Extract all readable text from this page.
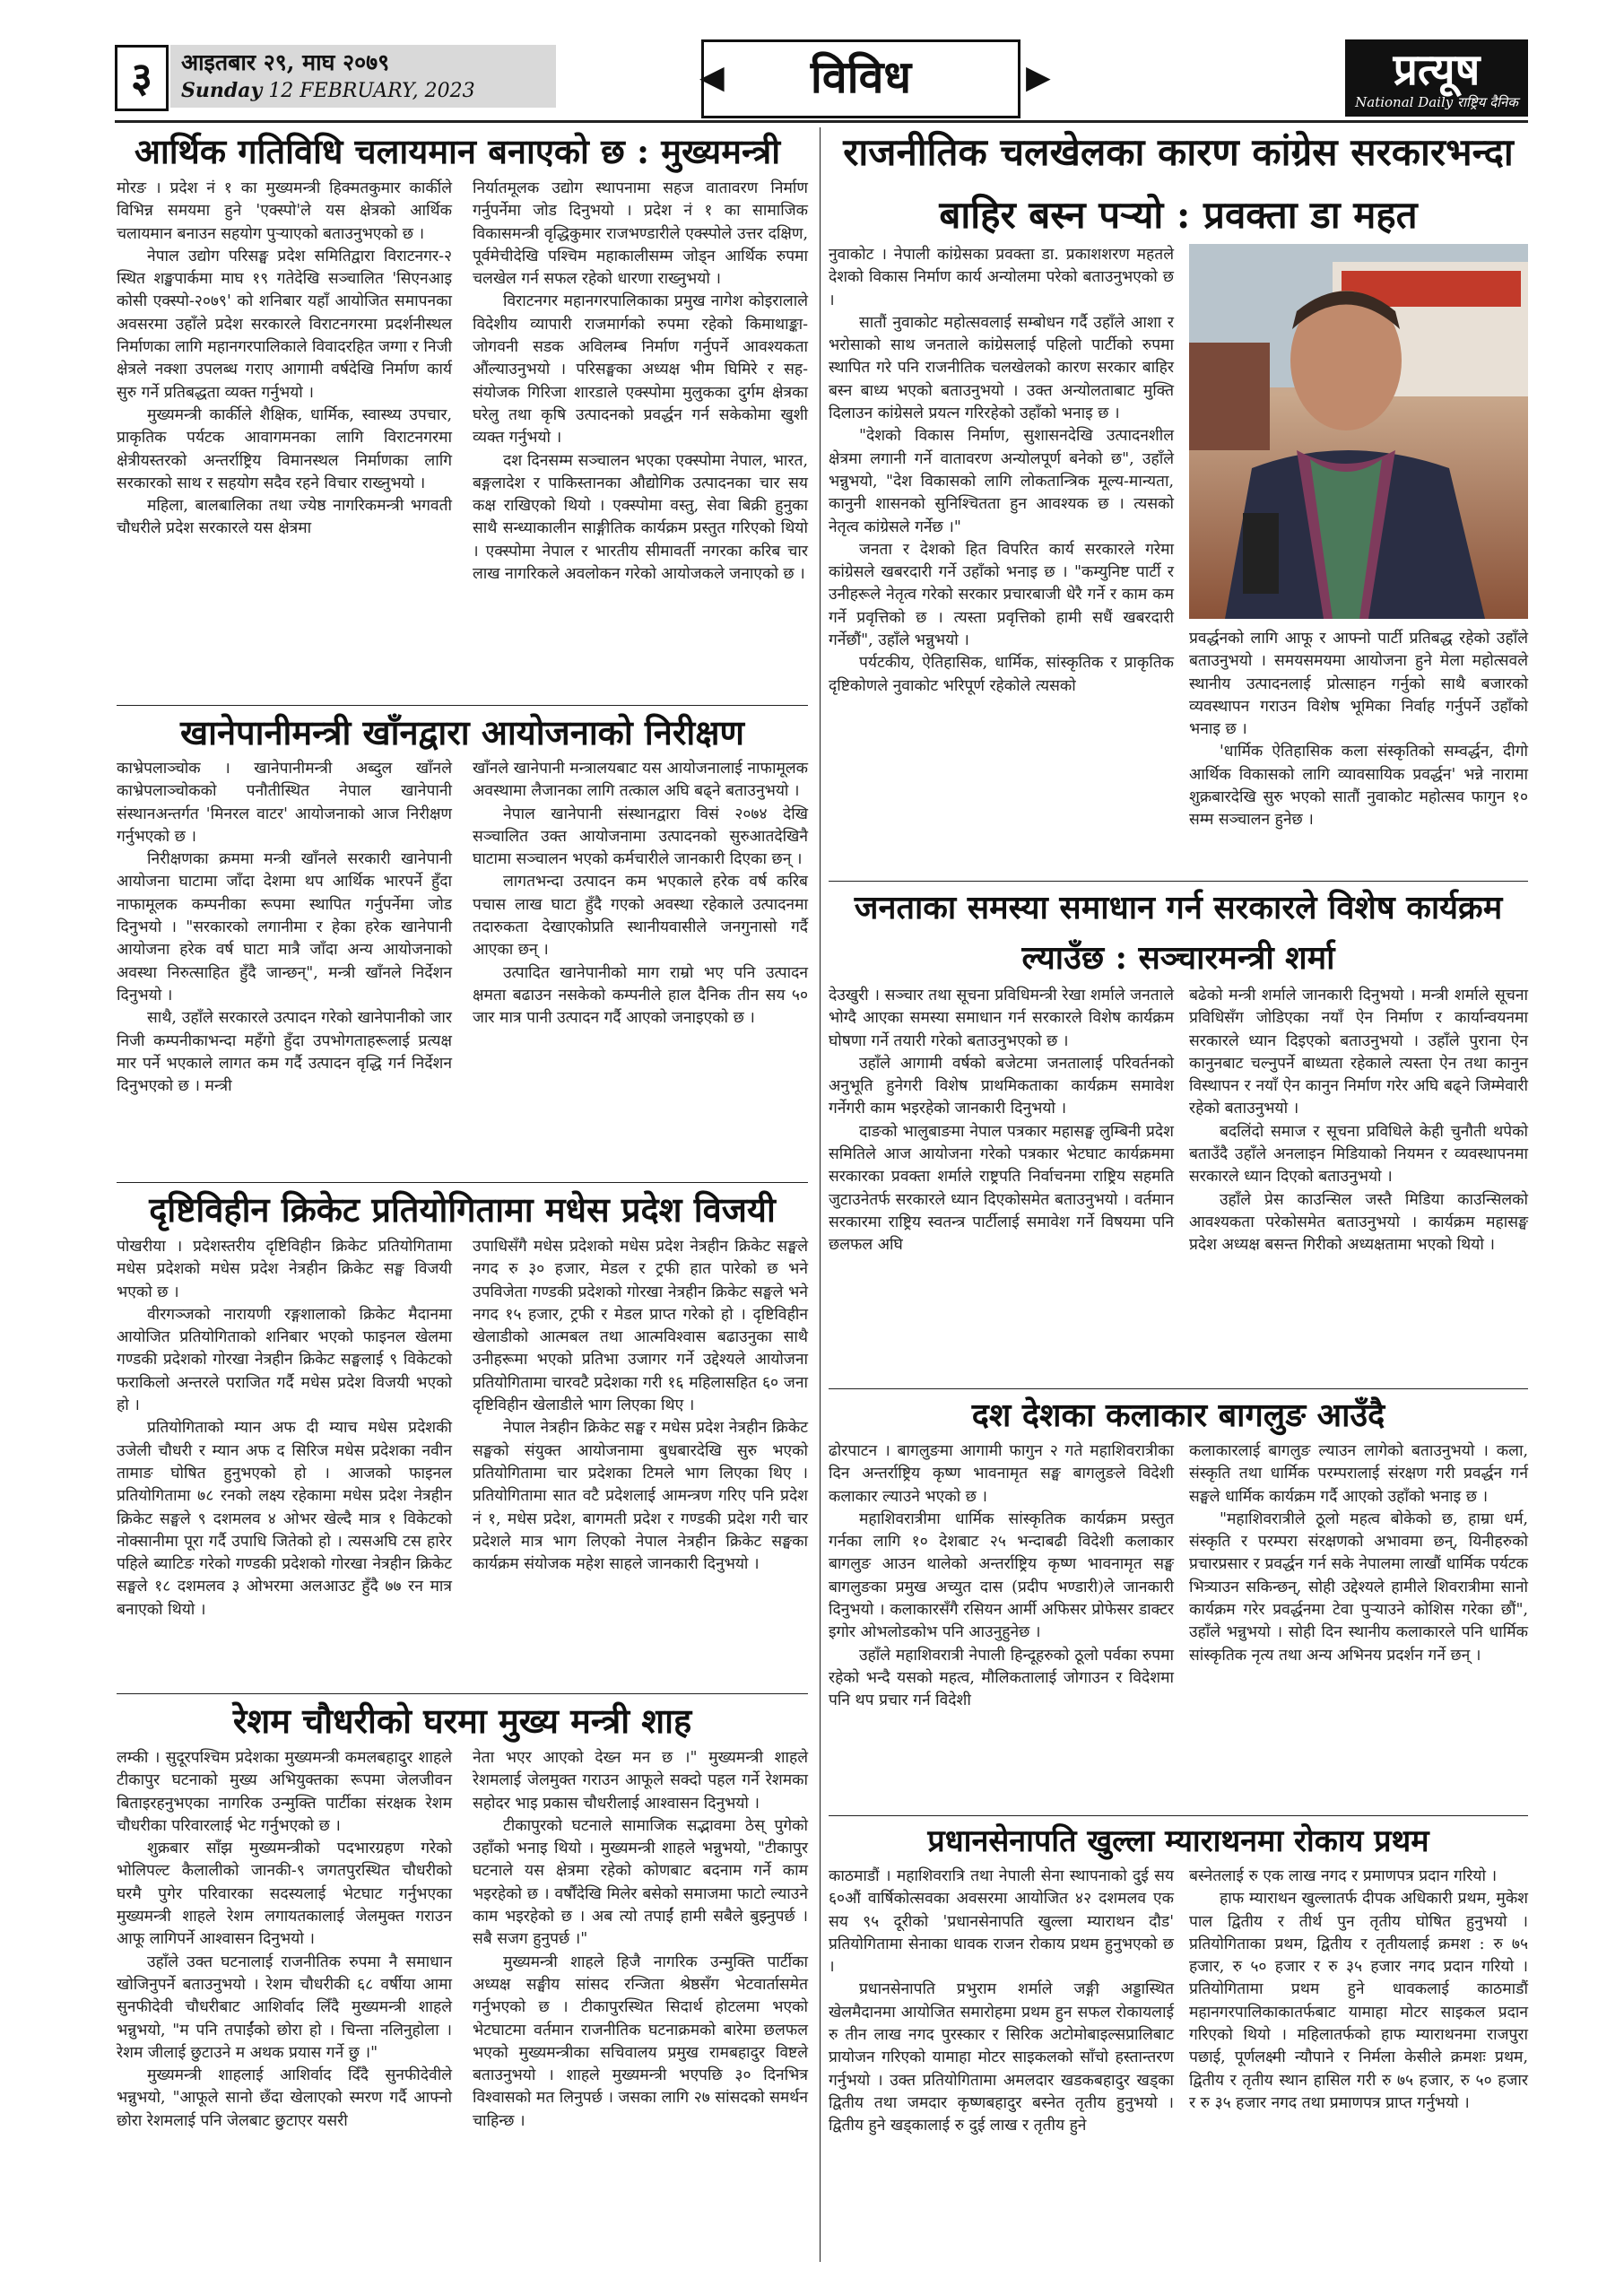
३	आइतबार २९, माघ २०७९
Sunday 12 FEBRUARY, 2023	◀	विविध	▶	प्रत्यूष
National Daily राष्ट्रिय दैनिक
आर्थिक गतिविधि चलायमान बनाएको छ : मुख्यमन्त्री

मोरङ । प्रदेश नं १ का मुख्यमन्त्री हिक्मतकुमार कार्कीले विभिन्न समयमा हुने 'एक्स्पो'ले यस क्षेत्रको आर्थिक चलायमान बनाउन सहयोग पुऱ्याएको बताउनुभएको छ ।

नेपाल उद्योग परिसङ्घ प्रदेश समितिद्वारा विराटनगर-२ स्थित शङ्खपार्कमा माघ १९ गतेदेखि सञ्चालित 'सिएनआइ कोसी एक्स्पो-२०७९' को शनिबार यहाँ आयोजित समापनका अवसरमा उहाँले प्रदेश सरकारले विराटनगरमा प्रदर्शनीस्थल निर्माणका लागि महानगरपालिकाले विवादरहित जग्गा र निजी क्षेत्रले नक्शा उपलब्ध गराए आगामी वर्षदेखि निर्माण कार्य सुरु गर्ने प्रतिबद्धता व्यक्त गर्नुभयो ।

मुख्यमन्त्री कार्कीले शैक्षिक, धार्मिक, स्वास्थ्य उपचार, प्राकृतिक पर्यटक आवागमनका लागि विराटनगरमा क्षेत्रीयस्तरको अन्तर्राष्ट्रिय विमानस्थल निर्माणका लागि सरकारको साथ र सहयोग सदैव रहने विचार राख्नुभयो ।

महिला, बालबालिका तथा ज्येष्ठ नागरिकमन्त्री भगवती चौधरीले प्रदेश सरकारले यस क्षेत्रमा

निर्यातमूलक उद्योग स्थापनामा सहज वातावरण निर्माण गर्नुपर्नेमा जोड दिनुभयो । प्रदेश नं १ का सामाजिक विकासमन्त्री वृद्धिकुमार राजभण्डारीले एक्स्पोले उत्तर दक्षिण, पूर्वमेचीदेखि पश्चिम महाकालीसम्म जोड्न आर्थिक रुपमा चलखेल गर्न सफल रहेको धारणा राख्नुभयो ।

विराटनगर महानगरपालिकाका प्रमुख नागेश कोइरालाले विदेशीय व्यापारी राजमार्गको रुपमा रहेको किमाथाङ्का-जोगवनी सडक अविलम्ब निर्माण गर्नुपर्ने आवश्यकता औंल्याउनुभयो । परिसङ्घका अध्यक्ष भीम घिमिरे र सह-संयोजक गिरिजा शारडाले एक्स्पोमा मुलुकका दुर्गम क्षेत्रका घरेलु तथा कृषि उत्पादनको प्रवर्द्धन गर्न सकेकोमा खुशी व्यक्त गर्नुभयो ।

दश दिनसम्म सञ्चालन भएका एक्स्पोमा नेपाल, भारत, बङ्गलादेश र पाकिस्तानका औद्योगिक उत्पादनका चार सय कक्ष राखिएको थियो । एक्स्पोमा वस्तु, सेवा बिक्री हुनुका साथै सन्ध्याकालीन साङ्गीतिक कार्यक्रम प्रस्तुत गरिएको थियो । एक्स्पोमा नेपाल र भारतीय सीमावर्ती नगरका करिब चार लाख नागरिकले अवलोकन गरेको आयोजकले जनाएको छ ।

खानेपानीमन्त्री खाँनद्वारा आयोजनाको निरीक्षण

काभ्रेपलाञ्चोक । खानेपानीमन्त्री अब्दुल खाँनले काभ्रेपलाञ्चोकको पनौतीस्थित नेपाल खानेपानी संस्थानअन्तर्गत 'मिनरल वाटर' आयोजनाको आज निरीक्षण गर्नुभएको छ ।

निरीक्षणका क्रममा मन्त्री खाँनले सरकारी खानेपानी आयोजना घाटामा जाँदा देशमा थप आर्थिक भारपर्ने हुँदा नाफामूलक कम्पनीका रूपमा स्थापित गर्नुपर्नेमा जोड दिनुभयो । "सरकारको लगानीमा र हेका हरेक खानेपानी आयोजना हरेक वर्ष घाटा मात्रै जाँदा अन्य आयोजनाको अवस्था निरुत्साहित हुँदै जान्छन्", मन्त्री खाँनले निर्देशन दिनुभयो ।

साथै, उहाँले सरकारले उत्पादन गरेको खानेपानीको जार निजी कम्पनीकाभन्दा महँगो हुँदा उपभोगताहरूलाई प्रत्यक्ष मार पर्ने भएकाले लागत कम गर्दै उत्पादन वृद्धि गर्न निर्देशन दिनुभएको छ । मन्त्री

खाँनले खानेपानी मन्त्रालयबाट यस आयोजनालाई नाफामूलक अवस्थामा लैजानका लागि तत्काल अघि बढ्ने बताउनुभयो ।

नेपाल खानेपानी संस्थानद्वारा विसं २०७४ देखि सञ्चालित उक्त आयोजनामा उत्पादनको सुरुआतदेखिनै घाटामा सञ्चालन भएको कर्मचारीले जानकारी दिएका छन् ।

लागतभन्दा उत्पादन कम भएकाले हरेक वर्ष करिब पचास लाख घाटा हुँदै गएको अवस्था रहेकाले उत्पादनमा तदारुकता देखाएकोप्रति स्थानीयवासीले जनगुनासो गर्दै आएका छन् ।

उत्पादित खानेपानीको माग राम्रो भए पनि उत्पादन क्षमता बढाउन नसकेको कम्पनीले हाल दैनिक तीन सय ५० जार मात्र पानी उत्पादन गर्दै आएको जनाइएको छ ।

दृष्टिविहीन क्रिकेट प्रतियोगितामा मधेस प्रदेश विजयी

पोखरीया । प्रदेशस्तरीय दृष्टिविहीन क्रिकेट प्रतियोगितामा मधेस प्रदेशको मधेस प्रदेश नेत्रहीन क्रिकेट सङ्घ विजयी भएको छ ।

वीरगञ्जको नारायणी रङ्गशालाको क्रिकेट मैदानमा आयोजित प्रतियोगिताको शनिबार भएको फाइनल खेलमा गण्डकी प्रदेशको गोरखा नेत्रहीन क्रिकेट सङ्घलाई ९ विकेटको फराकिलो अन्तरले पराजित गर्दै मधेस प्रदेश विजयी भएको हो ।

प्रतियोगिताको म्यान अफ दी म्याच मधेस प्रदेशकी उजेली चौधरी र म्यान अफ द सिरिज मधेस प्रदेशका नवीन तामाङ घोषित हुनुभएको हो । आजको फाइनल प्रतियोगितामा ७८ रनको लक्ष्य रहेकामा मधेस प्रदेश नेत्रहीन क्रिकेट सङ्घले ९ दशमलव ४ ओभर खेल्दै मात्र १ विकेटको नोक्सानीमा पूरा गर्दै उपाधि जितेको हो । त्यसअघि टस हारेर पहिले ब्याटिङ गरेको गण्डकी प्रदेशको गोरखा नेत्रहीन क्रिकेट सङ्घले १८ दशमलव ३ ओभरमा अलआउट हुँदै ७७ रन मात्र बनाएको थियो ।

उपाधिसँगै मधेस प्रदेशको मधेस प्रदेश नेत्रहीन क्रिकेट सङ्घले नगद रु ३० हजार, मेडल र ट्रफी हात पारेको छ भने उपविजेता गण्डकी प्रदेशको गोरखा नेत्रहीन क्रिकेट सङ्घले भने नगद १५ हजार, ट्रफी र मेडल प्राप्त गरेको हो । दृष्टिविहीन खेलाडीको आत्मबल तथा आत्मविश्वास बढाउनुका साथै उनीहरूमा भएको प्रतिभा उजागर गर्ने उद्देश्यले आयोजना प्रतियोगितामा चारवटै प्रदेशका गरी १६ महिलासहित ६० जना दृष्टिविहीन खेलाडीले भाग लिएका थिए ।

नेपाल नेत्रहीन क्रिकेट सङ्घ र मधेस प्रदेश नेत्रहीन क्रिकेट सङ्घको संयुक्त आयोजनामा बुधबारदेखि सुरु भएको प्रतियोगितामा चार प्रदेशका टिमले भाग लिएका थिए । प्रतियोगितामा सात वटै प्रदेशलाई आमन्त्रण गरिए पनि प्रदेश नं १, मधेस प्रदेश, बागमती प्रदेश र गण्डकी प्रदेश गरी चार प्रदेशले मात्र भाग लिएको नेपाल नेत्रहीन क्रिकेट सङ्घका कार्यक्रम संयोजक महेश साहले जानकारी दिनुभयो ।

रेशम चौधरीको घरमा मुख्य मन्त्री शाह

लम्की । सुदूरपश्चिम प्रदेशका मुख्यमन्त्री कमलबहादुर शाहले टीकापुर घटनाको मुख्य अभियुक्तका रूपमा जेलजीवन बिताइरहनुभएका नागरिक उन्मुक्ति पार्टीका संरक्षक रेशम चौधरीका परिवारलाई भेट गर्नुभएको छ ।

शुक्रबार साँझ मुख्यमन्त्रीको पदभारग्रहण गरेको भोलिपल्ट कैलालीको जानकी-९ जगतपुरस्थित चौधरीको घरमै पुगेर परिवारका सदस्यलाई भेटघाट गर्नुभएका मुख्यमन्त्री शाहले रेशम लगायतकालाई जेलमुक्त गराउन आफू लागिपर्ने आश्वासन दिनुभयो ।

उहाँले उक्त घटनालाई राजनीतिक रुपमा नै समाधान खोजिनुपर्ने बताउनुभयो । रेशम चौधरीकी ६८ वर्षीया आमा सुनफीदेवी चौधरीबाट आशिर्वाद लिँदै मुख्यमन्त्री शाहले भन्नुभयो, "म पनि तपाईंको छोरा हो । चिन्ता नलिनुहोला । रेशम जीलाई छुटाउने म अथक प्रयास गर्ने छु ।"

मुख्यमन्त्री शाहलाई आशिर्वाद दिँदै सुनफीदेवीले भन्नुभयो, "आफूले सानो छँदा खेलाएको स्मरण गर्दै आफ्नो छोरा रेशमलाई पनि जेलबाट छुटाएर यसरी

नेता भएर आएको देख्न मन छ ।" मुख्यमन्त्री शाहले रेशमलाई जेलमुक्त गराउन आफूले सक्दो पहल गर्ने रेशमका सहोदर भाइ प्रकास चौधरीलाई आश्वासन दिनुभयो ।

टीकापुरको घटनाले सामाजिक सद्भावमा ठेस् पुगेको उहाँको भनाइ थियो । मुख्यमन्त्री शाहले भन्नुभयो, "टीकापुर घटनाले यस क्षेत्रमा रहेको कोणबाट बदनाम गर्ने काम भइरहेको छ । वर्षौंदेखि मिलेर बसेको समाजमा फाटो ल्याउने काम भइरहेको छ । अब त्यो तपाईं हामी सबैले बुझ्नुपर्छ । सबै सजग हुनुपर्छ ।"

मुख्यमन्त्री शाहले हिजै नागरिक उन्मुक्ति पार्टीका अध्यक्ष सङ्घीय सांसद रन्जिता श्रेष्ठसँग भेटवार्तासमेत गर्नुभएको छ । टीकापुरस्थित सिदार्थ होटलमा भएको भेटघाटमा वर्तमान राजनीतिक घटनाक्रमको बारेमा छलफल भएको मुख्यमन्त्रीका सचिवालय प्रमुख रामबहादुर विष्टले बताउनुभयो । शाहले मुख्यमन्त्री भएपछि ३० दिनभित्र विश्वासको मत लिनुपर्छ । जसका लागि २७ सांसदको समर्थन चाहिन्छ ।

राजनीतिक चलखेलका कारण कांग्रेस सरकारभन्दा
बाहिर बस्न पऱ्यो : प्रवक्ता डा महत

नुवाकोट । नेपाली कांग्रेसका प्रवक्ता डा. प्रकाशशरण महतले देशको विकास निर्माण कार्य अन्योलमा परेको बताउनुभएको छ ।

सातौं नुवाकोट महोत्सवलाई सम्बोधन गर्दै उहाँले आशा र भरोसाको साथ जनताले कांग्रेसलाई पहिलो पार्टीको रुपमा स्थापित गरे पनि राजनीतिक चलखेलको कारण सरकार बाहिर बस्न बाध्य भएको बताउनुभयो । उक्त अन्योलताबाट मुक्ति दिलाउन कांग्रेसले प्रयत्न गरिरहेको उहाँको भनाइ छ ।

"देशको विकास निर्माण, सुशासनदेखि उत्पादनशील क्षेत्रमा लगानी गर्ने वातावरण अन्योलपूर्ण बनेको छ", उहाँले भन्नुभयो, "देश विकासको लागि लोकतान्त्रिक मूल्य-मान्यता, कानुनी शासनको सुनिश्चितता हुन आवश्यक छ । त्यसको नेतृत्व कांग्रेसले गर्नेछ ।"

जनता र देशको हित विपरित कार्य सरकारले गरेमा कांग्रेसले खबरदारी गर्ने उहाँको भनाइ छ । "कम्युनिष्ट पार्टी र उनीहरूले नेतृत्व गरेको सरकार प्रचारबाजी धेरै गर्ने र काम कम गर्ने प्रवृत्तिको छ । त्यस्ता प्रवृत्तिको हामी सधैं खबरदारी गर्नेछौं", उहाँले भन्नुभयो ।

पर्यटकीय, ऐतिहासिक, धार्मिक, सांस्कृतिक र प्राकृतिक दृष्टिकोणले नुवाकोट भरिपूर्ण रहेकोले त्यसको

प्रवर्द्धनको लागि आफू र आफ्नो पार्टी प्रतिबद्ध रहेको उहाँले बताउनुभयो । समयसमयमा आयोजना हुने मेला महोत्सवले स्थानीय उत्पादनलाई प्रोत्साहन गर्नुको साथै बजारको व्यवस्थापन गराउन विशेष भूमिका निर्वाह गर्नुपर्ने उहाँको भनाइ छ ।

'धार्मिक ऐतिहासिक कला संस्कृतिको सम्वर्द्धन, दीगो आर्थिक विकासको लागि व्यावसायिक प्रवर्द्धन' भन्ने नारामा शुक्रबारदेखि सुरु भएको सातौं नुवाकोट महोत्सव फागुन १० सम्म सञ्चालन हुनेछ ।

जनताका समस्या समाधान गर्न सरकारले विशेष कार्यक्रम
ल्याउँछ : सञ्चारमन्त्री शर्मा

देउखुरी । सञ्चार तथा सूचना प्रविधिमन्त्री रेखा शर्माले जनताले भोग्दै आएका समस्या समाधान गर्न सरकारले विशेष कार्यक्रम घोषणा गर्ने तयारी गरेको बताउनुभएको छ ।

उहाँले आगामी वर्षको बजेटमा जनतालाई परिवर्तनको अनुभूति हुनेगरी विशेष प्राथमिकताका कार्यक्रम समावेश गर्नेगरी काम भइरहेको जानकारी दिनुभयो ।

दाङको भालुबाङमा नेपाल पत्रकार महासङ्घ लुम्बिनी प्रदेश समितिले आज आयोजना गरेको पत्रकार भेटघाट कार्यक्रममा सरकारका प्रवक्ता शर्माले राष्ट्रपति निर्वाचनमा राष्ट्रिय सहमति जुटाउनेतर्फ सरकारले ध्यान दिएकोसमेत बताउनुभयो । वर्तमान सरकारमा राष्ट्रिय स्वतन्त्र पार्टीलाई समावेश गर्ने विषयमा पनि छलफल अघि

बढेको मन्त्री शर्माले जानकारी दिनुभयो । मन्त्री शर्माले सूचना प्रविधिसँग जोडिएका नयाँ ऐन निर्माण र कार्यान्वयनमा सरकारले ध्यान दिइएको बताउनुभयो । उहाँले पुराना ऐन कानुनबाट चल्नुपर्ने बाध्यता रहेकाले त्यस्ता ऐन तथा कानुन विस्थापन र नयाँ ऐन कानुन निर्माण गरेर अघि बढ्ने जिम्मेवारी रहेको बताउनुभयो ।

बदलिंदो समाज र सूचना प्रविधिले केही चुनौती थपेको बताउँदै उहाँले अनलाइन मिडियाको नियमन र व्यवस्थापनमा सरकारले ध्यान दिएको बताउनुभयो ।

उहाँले प्रेस काउन्सिल जस्तै मिडिया काउन्सिलको आवश्यकता परेकोसमेत बताउनुभयो । कार्यक्रम महासङ्घ प्रदेश अध्यक्ष बसन्त गिरीको अध्यक्षतामा भएको थियो ।

दश देशका कलाकार बागलुङ आउँदै

ढोरपाटन । बागलुङमा आगामी फागुन २ गते महाशिवरात्रीका दिन अन्तर्राष्ट्रिय कृष्ण भावनामृत सङ्घ बागलुङले विदेशी कलाकार ल्याउने भएको छ ।

महाशिवरात्रीमा धार्मिक सांस्कृतिक कार्यक्रम प्रस्तुत गर्नका लागि १० देशबाट २५ भन्दाबढी विदेशी कलाकार बागलुङ आउन थालेको अन्तर्राष्ट्रिय कृष्ण भावनामृत सङ्घ बागलुङका प्रमुख अच्युत दास (प्रदीप भण्डारी)ले जानकारी दिनुभयो । कलाकारसँगै रसियन आर्मी अफिसर प्रोफेसर डाक्टर इगोर ओभलोडकोभ पनि आउनुहुनेछ ।

उहाँले महाशिवरात्री नेपाली हिन्दूहरुको ठूलो पर्वका रुपमा रहेको भन्दै यसको महत्व, मौलिकतालाई जोगाउन र विदेशमा पनि थप प्रचार गर्न विदेशी

कलाकारलाई बागलुङ ल्याउन लागेको बताउनुभयो । कला, संस्कृति तथा धार्मिक परम्परालाई संरक्षण गरी प्रवर्द्धन गर्न सङ्घले धार्मिक कार्यक्रम गर्दै आएको उहाँको भनाइ छ ।

"महाशिवरात्रीले ठूलो महत्व बोकेको छ, हाम्रा धर्म, संस्कृति र परम्परा संरक्षणको अभावमा छन्, यिनीहरुको प्रचारप्रसार र प्रवर्द्धन गर्न सके नेपालमा लाखौं धार्मिक पर्यटक भित्र्याउन सकिन्छन्, सोही उद्देश्यले हामीले शिवरात्रीमा सानो कार्यक्रम गरेर प्रवर्द्धनमा टेवा पुऱ्याउने कोशिस गरेका छौं", उहाँले भन्नुभयो । सोही दिन स्थानीय कलाकारले पनि धार्मिक सांस्कृतिक नृत्य तथा अन्य अभिनय प्रदर्शन गर्ने छन् ।

प्रधानसेनापति खुल्ला म्याराथनमा रोकाय प्रथम

काठमाडौं । महाशिवरात्रि तथा नेपाली सेना स्थापनाको दुई सय ६०औं वार्षिकोत्सवका अवसरमा आयोजित ४२ दशमलव एक सय ९५ दूरीको 'प्रधानसेनापति खुल्ला म्याराथन दौड' प्रतियोगितामा सेनाका धावक राजन रोकाय प्रथम हुनुभएको छ ।

प्रधानसेनापति प्रभुराम शर्माले जङ्गी अड्डास्थित खेलमैदानमा आयोजित समारोहमा प्रथम हुन सफल रोकायलाई रु तीन लाख नगद पुरस्कार र सिरिक अटोमोबाइल्सप्रालिबाट प्रायोजन गरिएको यामाहा मोटर साइकलको साँचो हस्तान्तरण गर्नुभयो । उक्त प्रतियोगितामा अमलदार खडकबहादुर खड्का द्वितीय तथा जमदार कृष्णबहादुर बस्नेत तृतीय हुनुभयो । द्वितीय हुने खड्कालाई रु दुई लाख र तृतीय हुने

बस्नेतलाई रु एक लाख नगद र प्रमाणपत्र प्रदान गरियो ।

हाफ म्याराथन खुल्लातर्फ दीपक अधिकारी प्रथम, मुकेश पाल द्वितीय र तीर्थ पुन तृतीय घोषित हुनुभयो । प्रतियोगिताका प्रथम, द्वितीय र तृतीयलाई क्रमश : रु ७५ हजार, रु ५० हजार र रु ३५ हजार नगद प्रदान गरियो । प्रतियोगितामा प्रथम हुने धावकलाई काठमाडौं महानगरपालिकाकातर्फबाट यामाहा मोटर साइकल प्रदान गरिएको थियो । महिलातर्फको हाफ म्याराथनमा राजपुरा पछाई, पूर्णलक्ष्मी न्यौपाने र निर्मला केसीले क्रमशः प्रथम, द्वितीय र तृतीय स्थान हासिल गरी रु ७५ हजार, रु ५० हजार र रु ३५ हजार नगद तथा प्रमाणपत्र प्राप्त गर्नुभयो ।
